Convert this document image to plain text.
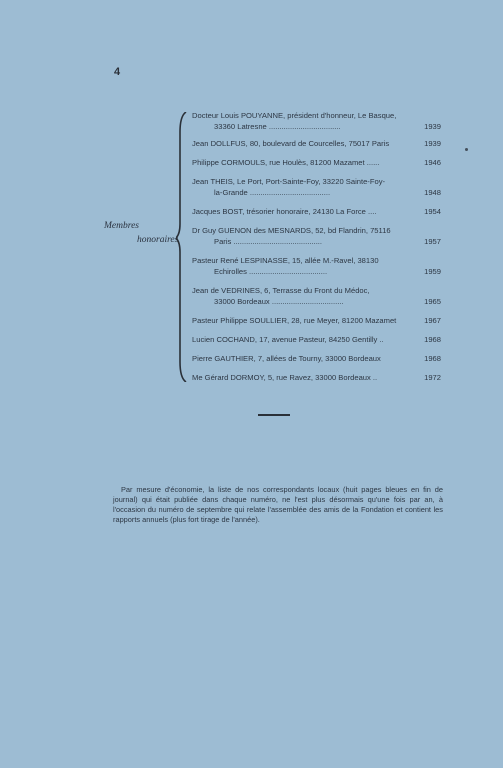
4
Membres
honoraires
Docteur Louis POUYANNE, président d'honneur, Le Basque,
33360 Latresne ..................................	1939
Jean DOLLFUS, 80, boulevard de Courcelles, 75017 Paris	1939
Philippe CORMOULS, rue Houlès, 81200 Mazamet ......	1946
Jean THEIS, Le Port, Port-Sainte-Foy, 33220 Sainte-Foy-
la-Grande ......................................	1948
Jacques BOST, trésorier honoraire, 24130 La Force ....	1954
Dr Guy GUENON des MESNARDS, 52, bd Flandrin, 75116
Paris ..........................................	1957
Pasteur René LESPINASSE, 15, allée M.-Ravel, 38130
Echirolles .....................................	1959
Jean de VEDRINES, 6, Terrasse du Front du Médoc,
33000 Bordeaux ..................................	1965
Pasteur Philippe SOULLIER, 28, rue Meyer, 81200 Mazamet	1967
Lucien COCHAND, 17, avenue Pasteur, 84250 Gentilly ..	1968
Pierre GAUTHIER, 7, allées de Tourny, 33000 Bordeaux	1968
Me Gérard DORMOY, 5, rue Ravez, 33000 Bordeaux ..	1972

Par mesure d'économie, la liste de nos correspondants locaux (huit pages bleues en fin de journal) qui était publiée dans chaque numéro, ne l'est plus désormais qu'une fois par an, à l'occasion du numéro de septembre qui relate l'assemblée des amis de la Fondation et contient les rapports annuels (plus fort tirage de l'année).
